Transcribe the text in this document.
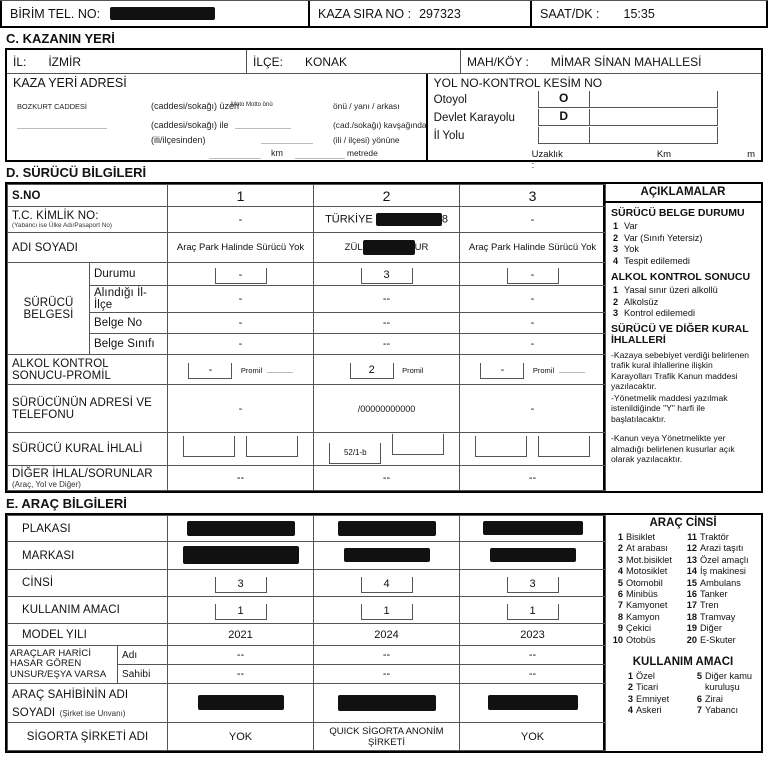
BİRİM TEL. NO:	KAZA SIRA NO : 297323	SAAT/DK : 15:35
C. KAZANIN YERİ
İL: İZMİR	İLÇE: KONAK	MAH/KÖY : MİMAR SİNAN MAHALLESİ
KAZA YERİ ADRESİ
BOZKURT CADDESİ	(caddesi/sokağı) üzeri
Moto Motto önü	önü / yanı / arkası
(caddesi/sokağı) ile	(cad./sokağı) kavşağında
(ili/ilçesinden)	(ili / ilçesi) yönüne
km	metrede
YOL NO-KONTROL KESİM NO
Otoyol	O
Devlet Karayolu	D
İl Yolu
Uzaklık :
Km	m
D. SÜRÜCÜ BİLGİLERİ
S.NO		1	2	3

T.C. KİMLİK NO:
(Yabancı ise Ülke Adı/Pasaport No)		-	TÜRKİYE 8	-
ADI SOYADI		Araç Park Halinde Sürücü Yok	ZÜL UR	Araç Park Halinde Sürücü Yok
SÜRÜCÜ BELGESİ	Durumu	-	3	-
	Alındığı İl-İlçe	-	--	-
	Belge No	-	--	-
	Belge Sınıfı	-	--	-
ALKOL KONTROL SONUCU-PROMİL		- Promil	2 Promil	- Promil
SÜRÜCÜNÜN ADRESİ VE TELEFONU		-	/00000000000	-
SÜRÜCÜ KURAL İHLALİ			52/1-b	

DİĞER İHLAL/SORUNLAR
(Araç, Yol ve Diğer)		--	--	--
AÇIKLAMALAR
SÜRÜCÜ BELGE DURUMU
1 Var
2 Var (Sınıfı Yetersiz)
3 Yok
4 Tespit edilemedi
ALKOL KONTROL SONUCU
1 Yasal sınır üzeri alkollü
2 Alkolsüz
3 Kontrol edilemedi
SÜRÜCÜ VE DİĞER KURAL İHLALLERİ
-Kazaya sebebiyet verdiği belirlenen trafik kural ihlallerine ilişkin Karayolları Trafik Kanun maddesi yazılacaktır.
-Yönetmelik maddesi yazılmak istenildiğinde "Y" harfi ile başlatılacaktır.
-Kanun veya Yönetmelikte yer almadığı belirlenen kusurlar açık olarak yazılacaktır.
E. ARAÇ BİLGİLERİ
PLAKASI				
MARKASI				
CİNSİ		3	4	3
KULLANIM AMACI		1	1	1
MODEL YILI		2021	2024	2023
ARAÇLAR HARİCİ HASAR GÖREN UNSUR/EŞYA VARSA	Adı	--	--	--
	Sahibi	--	--	--
ARAÇ SAHİBİNİN ADI SOYADI (Şirket ise Unvanı)				
SİGORTA ŞİRKETİ ADI		YOK	QUICK SİGORTA ANONİM ŞİRKETİ	YOK
ARAÇ CİNSİ
1 Bisiklet
2 At arabası
3 Mot.bisiklet
4 Motosiklet
5 Otomobil
6 Minibüs
7 Kamyonet
8 Kamyon
9 Çekici
10 Otobüs
11 Traktör
12 Arazi taşıtı
13 Özel amaçlı
14 İş makinesi
15 Ambulans
16 Tanker
17 Tren
18 Tramvay
19 Diğer
20 E-Skuter
KULLANIM AMACI
1 Özel
2 Ticari
3 Emniyet
4 Askeri
5 Diğer kamu
kuruluşu
6 Zirai
7 Yabancı
